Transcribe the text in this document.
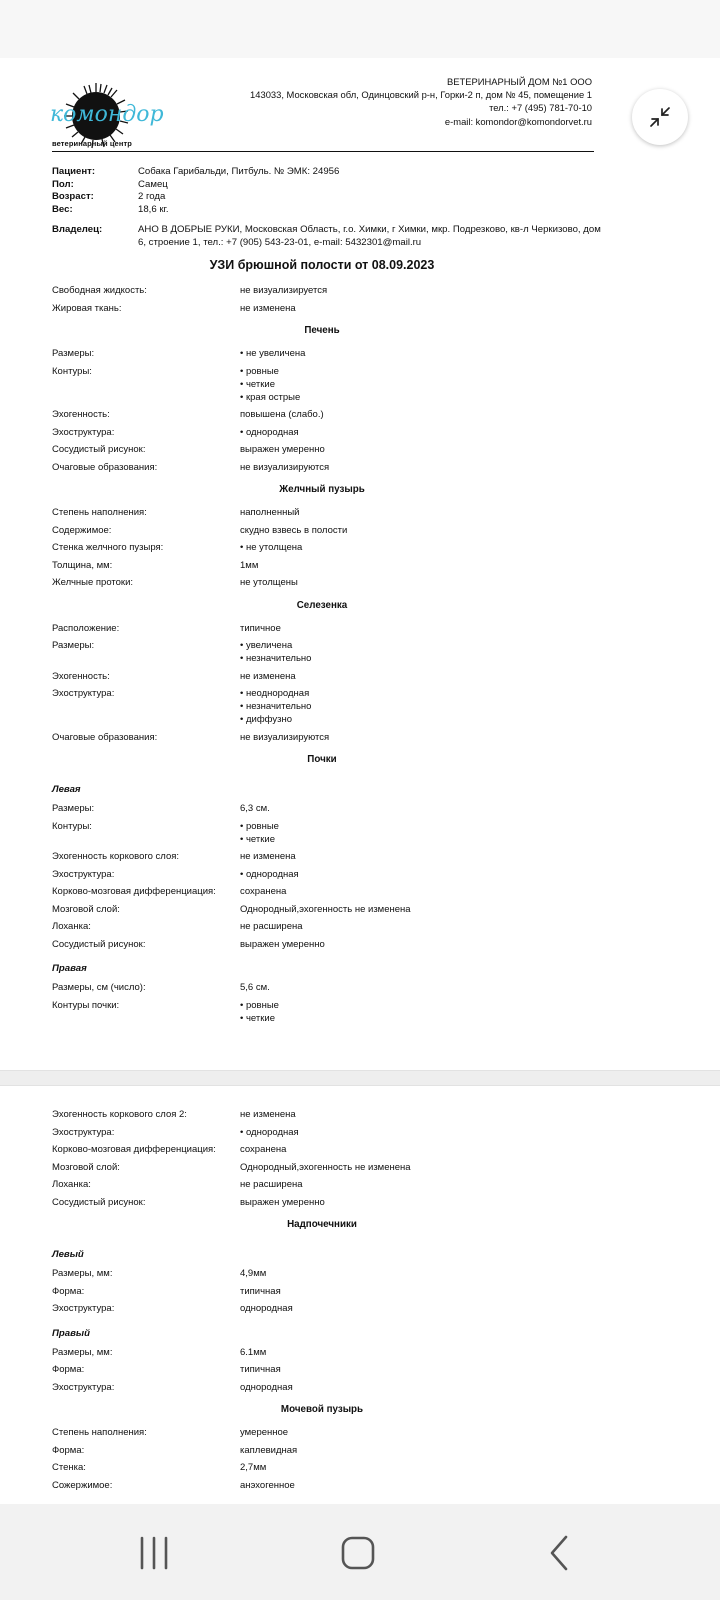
комондор
ветеринарный центр
ВЕТЕРИНАРНЫЙ ДОМ №1 ООО
143033, Московская обл, Одинцовский р-н, Горки-2 п, дом № 45, помещение 1
тел.: +7 (495) 781-70-10
e-mail: komondor@komondorvet.ru
Пациент:	Собака Гарибальди, Питбуль. № ЭМК: 24956
Пол:	Самец
Возраст:	2 года
Вес:	18,6 кг.
Владелец:	АНО В ДОБРЫЕ РУКИ, Московская Область, г.о. Химки, г Химки, мкр. Подрезково, кв-л Черкизово, дом 6, строение 1, тел.: +7 (905) 543-23-01, e-mail: 5432301@mail.ru
УЗИ брюшной полости от 08.09.2023
Свободная жидкость:	не визуализируется
Жировая ткань:	не изменена
Печень
Размеры:	• не увеличена
Контуры:	• ровные
• четкие
• края острые
Эхогенность:	повышена (слабо.)
Эхоструктура:	• однородная
Сосудистый рисунок:	выражен умеренно
Очаговые образования:	не визуализируются
Желчный пузырь
Степень наполнения:	наполненный
Содержимое:	скудно взвесь в полости
Стенка желчного пузыря:	• не утолщена
Толщина, мм:	1мм
Желчные протоки:	не утолщены
Селезенка
Расположение:	типичное
Размеры:	• увеличена
• незначительно
Эхогенность:	не изменена
Эхоструктура:	• неоднородная
• незначительно
• диффузно
Очаговые образования:	не визуализируются
Почки
Левая
Размеры:	6,3 см.
Контуры:	• ровные
• четкие
Эхогенность коркового слоя:	не изменена
Эхоструктура:	• однородная
Корково-мозговая дифференциация:	сохранена
Мозговой слой:	Однородный,эхогенность не изменена
Лоханка:	не расширена
Сосудистый рисунок:	выражен умеренно
Правая
Размеры, см (число):	5,6 см.
Контуры почки:	• ровные
• четкие
Эхогенность коркового слоя 2:	не изменена
Эхоструктура:	• однородная
Корково-мозговая дифференциация:	сохранена
Мозговой слой:	Однородный,эхогенность не изменена
Лоханка:	не расширена
Сосудистый рисунок:	выражен умеренно
Надпочечники
Левый
Размеры, мм:	4,9мм
Форма:	типичная
Эхоструктура:	однородная
Правый
Размеры, мм:	6.1мм
Форма:	типичная
Эхоструктура:	однородная
Мочевой пузырь
Степень наполнения:	умеренное
Форма:	каплевидная
Стенка:	2,7мм
Сожержимое:	анэхогенное
